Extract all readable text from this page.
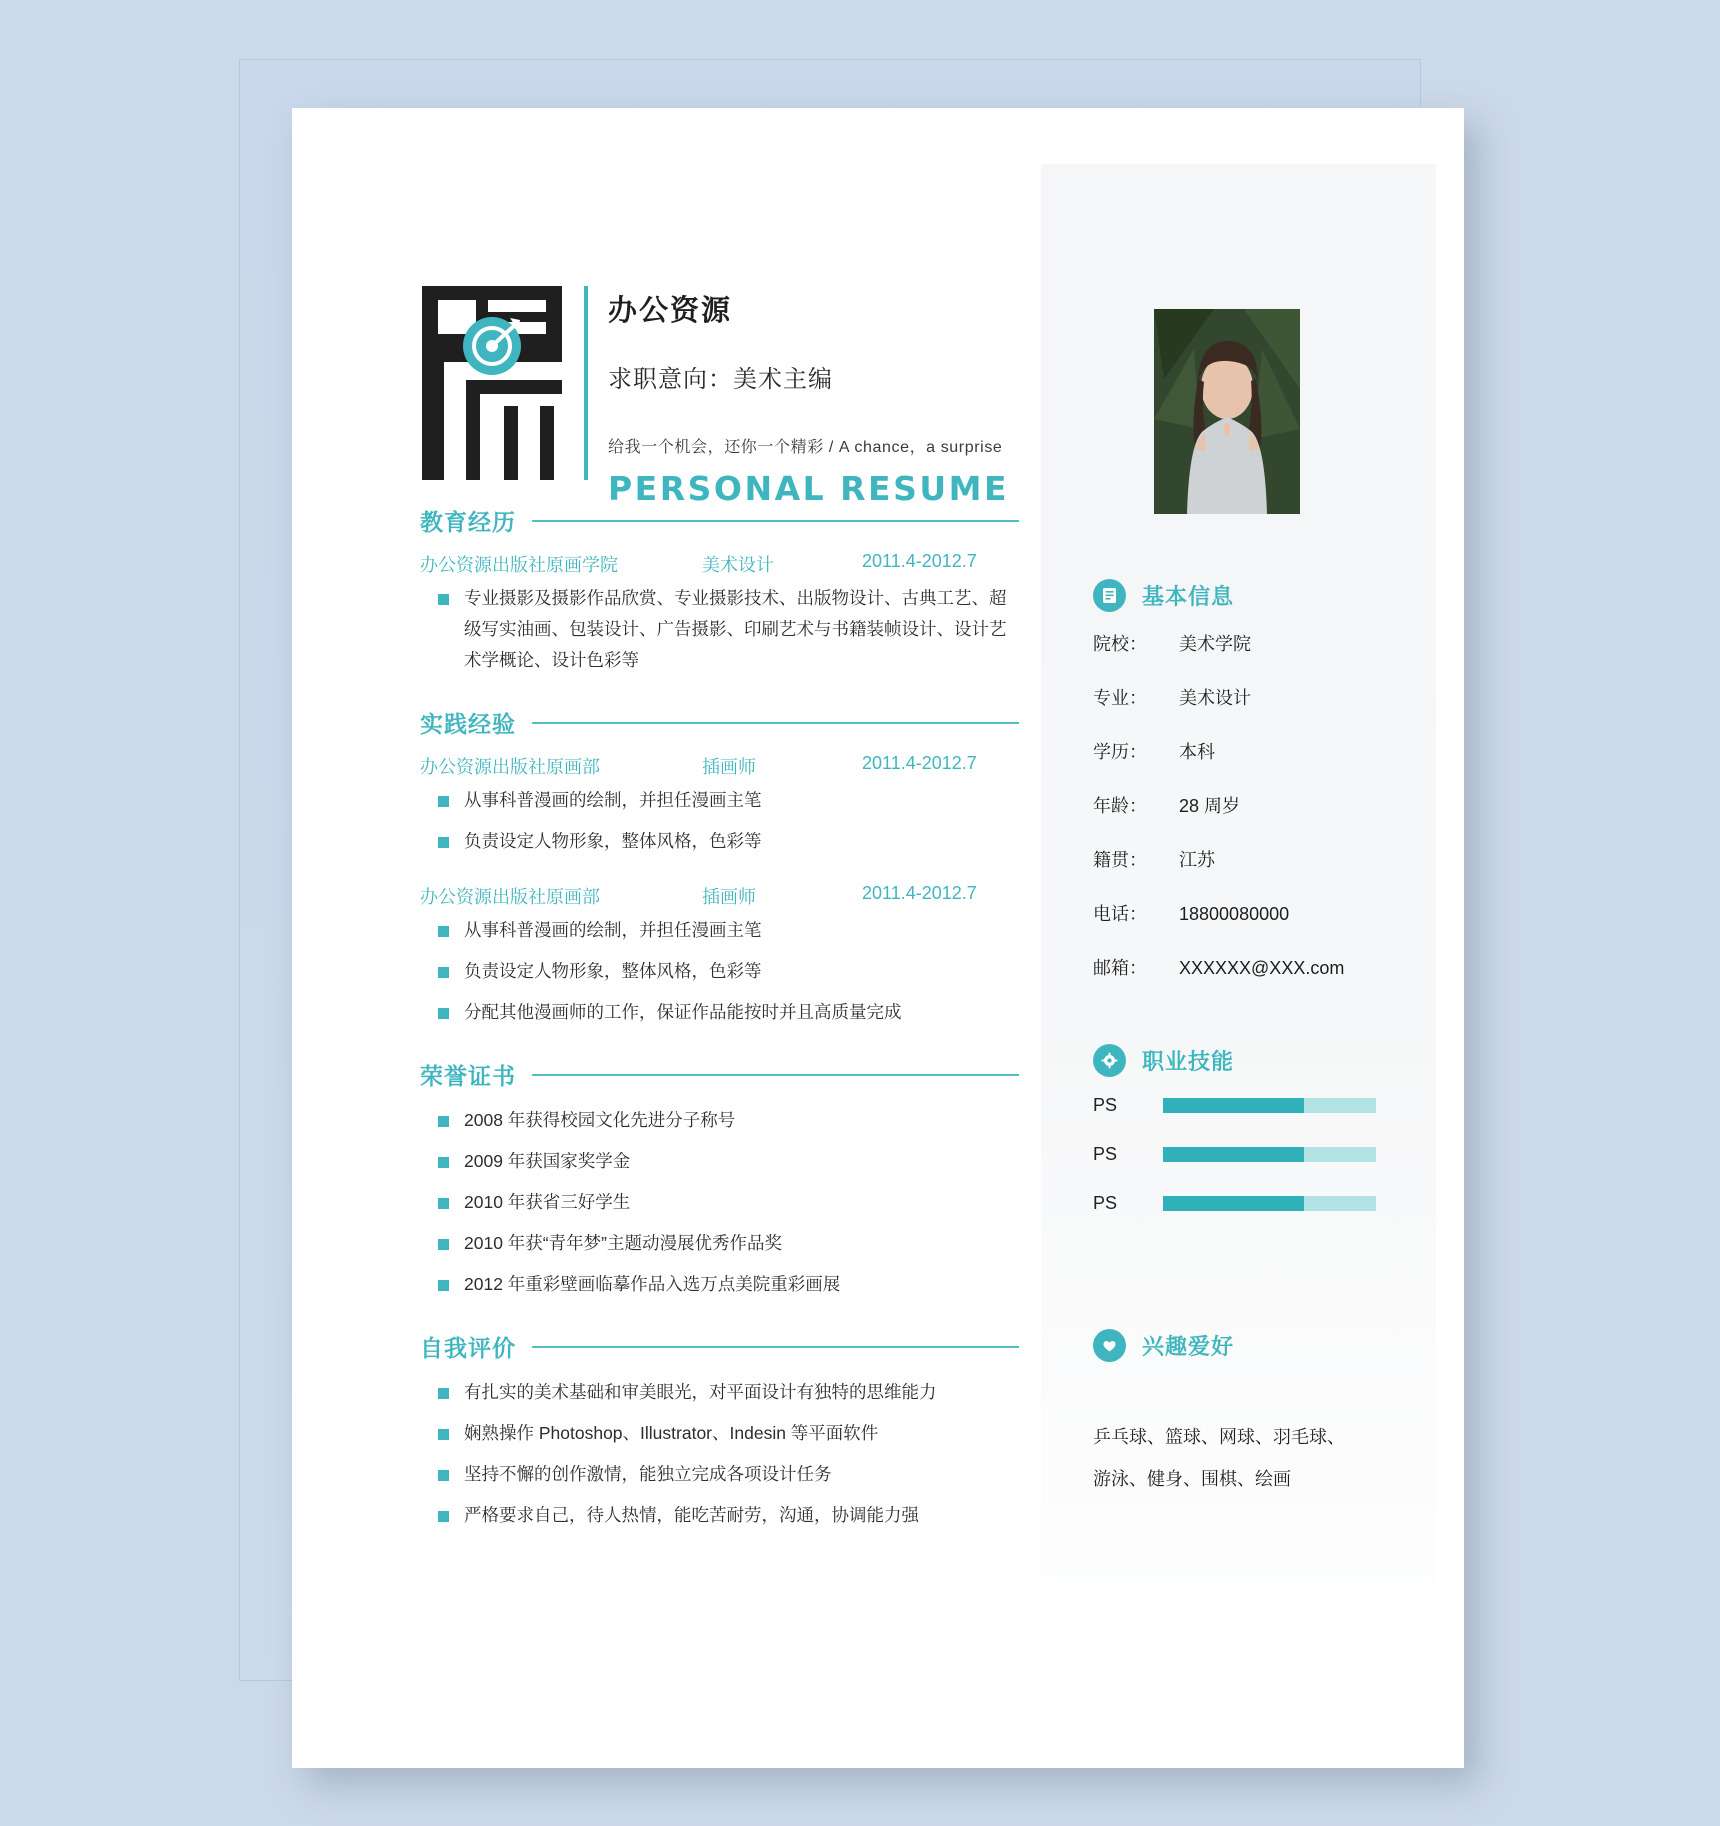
办公资源

求职意向：美术主编

给我一个机会，还你一个精彩 / A chance，a surprise

PERSONAL RESUME

教育经历
办公资源出版社原画学院	美术设计	2011.4-2012.7
专业摄影及摄影作品欣赏、专业摄影技术、出版物设计、古典工艺、超级写实油画、包装设计、广告摄影、印刷艺术与书籍装帧设计、设计艺术学概论、设计色彩等
实践经验
办公资源出版社原画部	插画师	2011.4-2012.7
从事科普漫画的绘制，并担任漫画主笔
负责设定人物形象，整体风格，色彩等
办公资源出版社原画部	插画师	2011.4-2012.7
从事科普漫画的绘制，并担任漫画主笔
负责设定人物形象，整体风格，色彩等
分配其他漫画师的工作，保证作品能按时并且高质量完成
荣誉证书
2008 年获得校园文化先进分子称号
2009 年获国家奖学金
2010 年获省三好学生
2010 年获“青年梦”主题动漫展优秀作品奖
2012 年重彩壁画临摹作品入选万点美院重彩画展
自我评价
有扎实的美术基础和审美眼光，对平面设计有独特的思维能力
娴熟操作 Photoshop、Illustrator、Indesin 等平面软件
坚持不懈的创作激情，能独立完成各项设计任务
严格要求自己，待人热情，能吃苦耐劳，沟通，协调能力强
基本信息
院校：	美术学院
专业：	美术设计
学历：	本科
年龄：	28 周岁
籍贯：	江苏
电话：	18800080000
邮箱：	XXXXXX@XXX.com
职业技能
PS
PS
PS
兴趣爱好
乒乓球、篮球、网球、羽毛球、
游泳、健身、围棋、绘画
